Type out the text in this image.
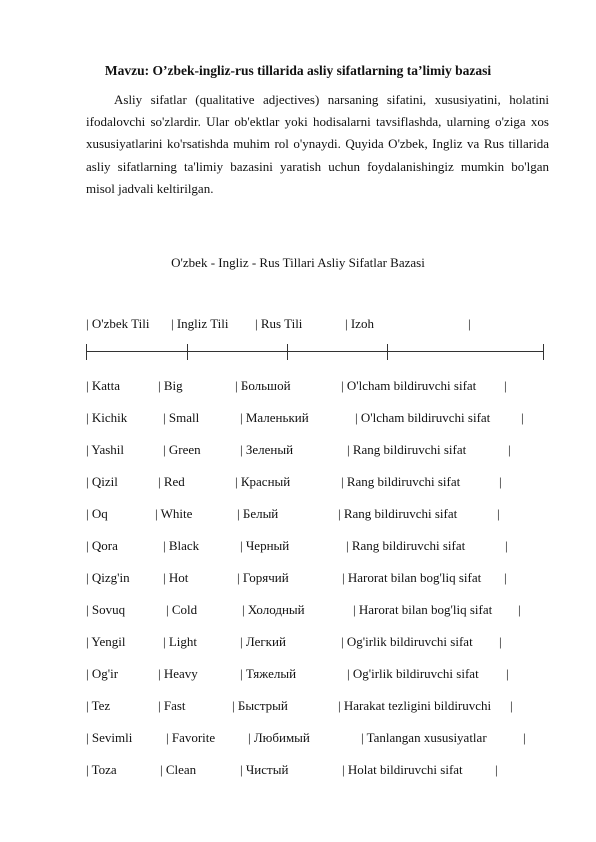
Mavzu: O’zbek-ingliz-rus tillarida asliy sifatlarning ta’limiy bazasi

Asliy sifatlar (qualitative adjectives) narsaning sifatini, xususiyatini, holatini ifodalovchi so'zlardir. Ular ob'ektlar yoki hodisalarni tavsiflashda, ularning o'ziga xos xususiyatlarini ko'rsatishda muhim rol o'ynaydi. Quyida O'zbek, Ingliz va Rus tillarida asliy sifatlarning ta'limiy bazasini yaratish uchun foydalanishingiz mumkin bo'lgan misol jadvali keltirilgan.

O'zbek - Ingliz - Rus Tillari Asliy Sifatlar Bazasi
| O'zbek Tili | Ingliz Tili | Rus Tili	| Izoh	|
| Katta	| Big	| Большой	| O'lcham bildiruvchi sifat |
| Kichik	| Small	| Маленький	| O'lcham bildiruvchi sifat |
| Yashil	| Green	| Зеленый	| Rang bildiruvchi sifat	|
| Qizil	| Red	| Красный	| Rang bildiruvchi sifat	|
| Oq	| White	| Белый	| Rang bildiruvchi sifat	|
| Qora	| Black	| Черный	| Rang bildiruvchi sifat	|
| Qizg'in	| Hot	| Горячий	| Harorat bilan bog'liq sifat |
| Sovuq	| Cold	| Холодный	| Harorat bilan bog'liq sifat |
| Yengil	| Light	| Легкий	| Og'irlik bildiruvchi sifat |
| Og'ir	| Heavy	| Тяжелый	| Og'irlik bildiruvchi sifat |
| Tez	| Fast	| Быстрый	| Harakat tezligini bildiruvchi |
| Sevimli	| Favorite	| Любимый	| Tanlangan xususiyatlar	|
| Toza	| Clean	| Чистый	| Holat bildiruvchi sifat |
